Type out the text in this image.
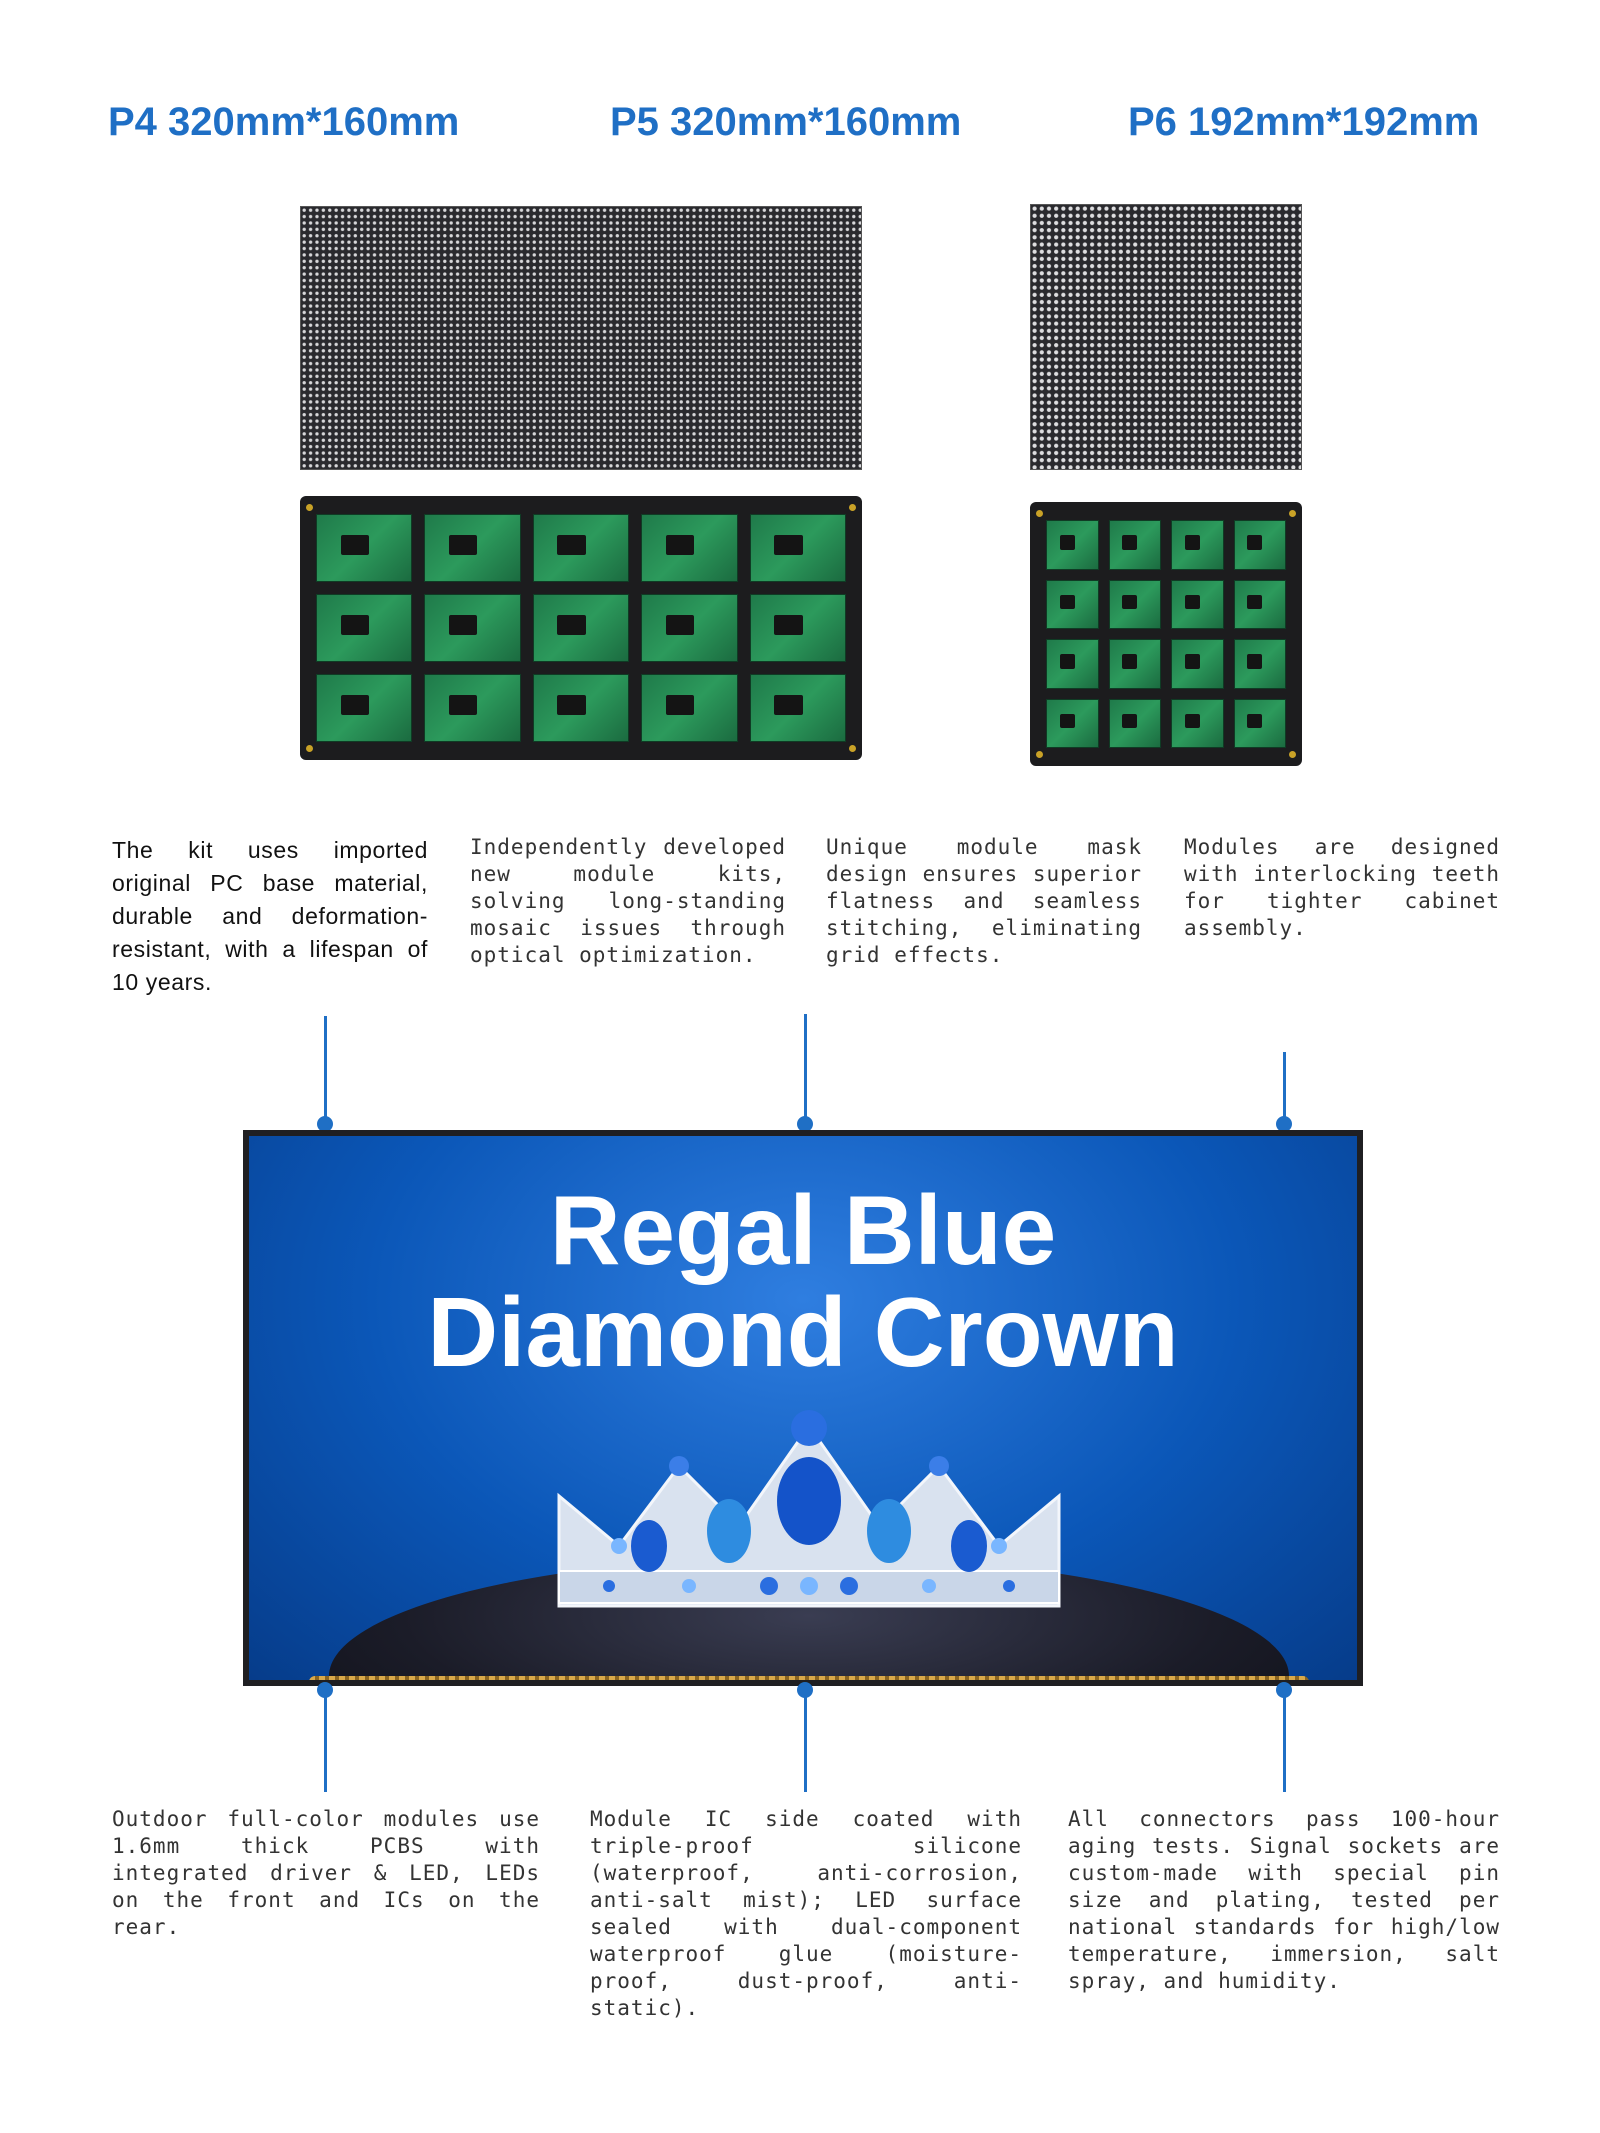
P4 320mm*160mm	P5 320mm*160mm	P6 192mm*192mm
The kit uses imported original PC base material, durable and deformation-resistant, with a lifespan of 10 years.
Independently developed new module kits, solving long-standing mosaic issues through optical optimization.
Unique module mask design ensures superior flatness and seamless stitching, eliminating grid effects.
Modules are designed with interlocking teeth for tighter cabinet assembly.
Regal Blue
Diamond Crown
Outdoor full-color modules use 1.6mm thick PCBS with integrated driver & LED, LEDs on the front and ICs on the rear.
Module IC side coated with triple-proof silicone (waterproof, anti-corrosion, anti-salt mist); LED surface sealed with dual-component waterproof glue (moisture-proof, dust-proof, anti-static).
All connectors pass 100-hour aging tests. Signal sockets are custom-made with special pin size and plating, tested per national standards for high/low temperature, immersion, salt spray, and humidity.
